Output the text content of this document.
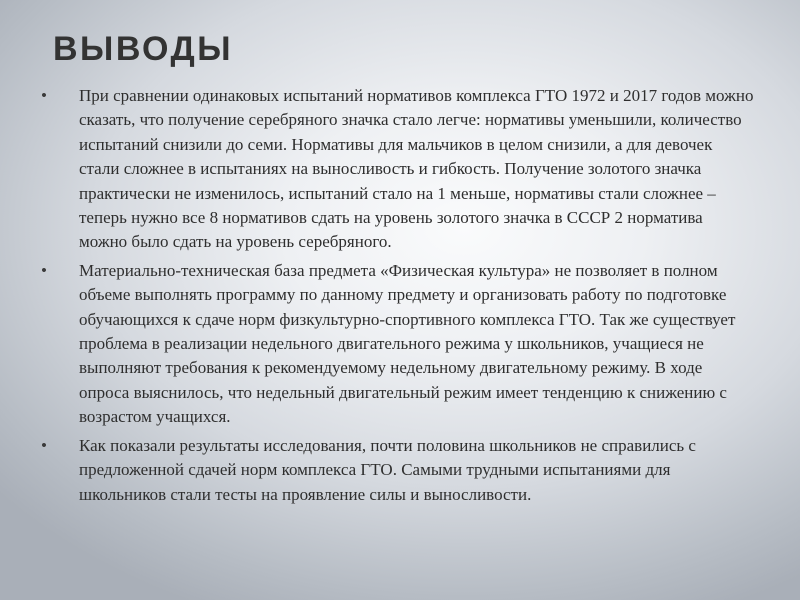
ВЫВОДЫ
•	При сравнении одинаковых испытаний нормативов комплекса ГТО 1972 и 2017 годов можно сказать, что получение серебряного значка стало легче: нормативы уменьшили, количество испытаний снизили до семи. Нормативы для мальчиков в целом снизили, а для девочек стали сложнее в испытаниях на выносливость и гибкость. Получение золотого значка практически не изменилось, испытаний стало на 1 меньше, нормативы стали сложнее – теперь нужно все 8 нормативов сдать на уровень золотого значка в СССР 2 норматива можно было сдать на уровень серебряного.
•	Материально-техническая база предмета «Физическая культура» не позволяет в полном объеме выполнять программу по данному предмету и организовать работу по подготовке обучающихся к сдаче норм физкультурно-спортивного комплекса ГТО. Так же существует проблема в реализации недельного двигательного режима у школьников, учащиеся не выполняют требования к рекомендуемому недельному двигательному режиму. В ходе опроса выяснилось, что недельный двигательный режим имеет тенденцию к снижению с возрастом учащихся.
•	Как показали результаты исследования, почти половина школьников не справились с предложенной сдачей норм комплекса ГТО. Самыми трудными испытаниями для школьников стали тесты на проявление силы и выносливости.
